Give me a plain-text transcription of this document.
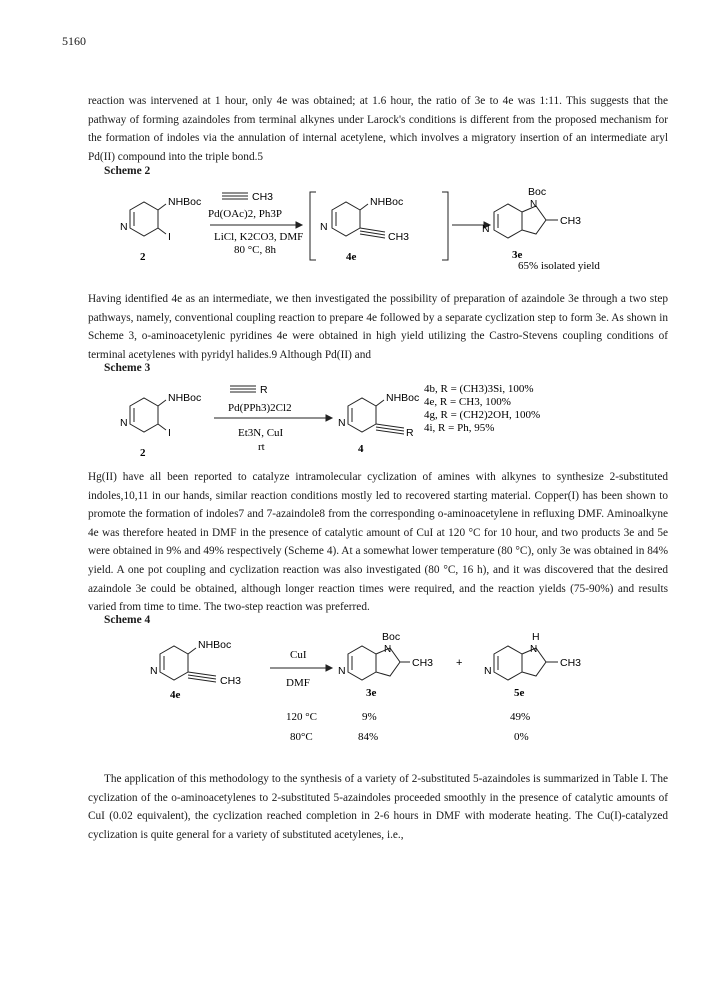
5160

reaction was intervened at 1 hour, only 4e was obtained; at 1.6 hour, the ratio of 3e to 4e was 1:11. This suggests that the pathway of forming azaindoles from terminal alkynes under Larock's conditions is different from the proposed mechanism for the formation of indoles via the annulation of internal acetylene, which involves a migratory insertion of an intermediate aryl Pd(II) compound into the triple bond.5

Scheme 2
NHBoc
N
I
2
CH3
Pd(OAc)2, Ph3P
LiCl, K2CO3, DMF
80 °C, 8h
NHBoc
N
CH3
4e
Boc
N
N
CH3
3e
65% isolated yield

Having identified 4e as an intermediate, we then investigated the possibility of preparation of azaindole 3e through a two step pathways, namely, conventional coupling reaction to prepare 4e followed by a separate cyclization step to form 3e. As shown in Scheme 3, o-aminoacetylenic pyridines 4e were obtained in high yield utilizing the Castro-Stevens coupling conditions of terminal acetylenes with pyridyl halides.9 Although Pd(II) and

Scheme 3
NHBoc
N
I
2
R
Pd(PPh3)2Cl2
Et3N, CuI
rt
NHBoc
N
R
4
4b, R = (CH3)3Si, 100%
4e, R = CH3, 100%
4g, R = (CH2)2OH, 100%
4i, R = Ph, 95%

Hg(II) have all been reported to catalyze intramolecular cyclization of amines with alkynes to synthesize 2-substituted indoles,10,11 in our hands, similar reaction conditions mostly led to recovered starting material. Copper(I) has been shown to promote the formation of indoles7 and 7-azaindole8 from the corresponding o-aminoacetylene in refluxing DMF. Aminoalkyne 4e was therefore heated in DMF in the presence of catalytic amount of CuI at 120 °C for 10 hour, and two products 3e and 5e were obtained in 9% and 49% respectively (Scheme 4). At a somewhat lower temperature (80 °C), only 3e was obtained in 84% yield. A one pot coupling and cyclization reaction was also investigated (80 °C, 16 h), and it was discovered that the desired azaindole 3e could be obtained, although longer reaction times were required, and the reaction yields (75-90%) and results varied from time to time. The two-step reaction was preferred.

Scheme 4
NHBoc
N
CH3
4e
CuI
DMF
Boc
N
N
CH3
3e
+
H
N
N
CH3
5e
120 °C	9%	49%
80°C	84%	0%

The application of this methodology to the synthesis of a variety of 2-substituted 5-azaindoles is summarized in Table I. The cyclization of the o-aminoacetylenes to 2-substituted 5-azaindoles proceeded smoothly in the presence of catalytic amounts of CuI (0.02 equivalent), the cyclization reached completion in 2-6 hours in DMF with moderate heating. The Cu(I)-catalyzed cyclization is quite general for a variety of substituted acetylenes, i.e.,
